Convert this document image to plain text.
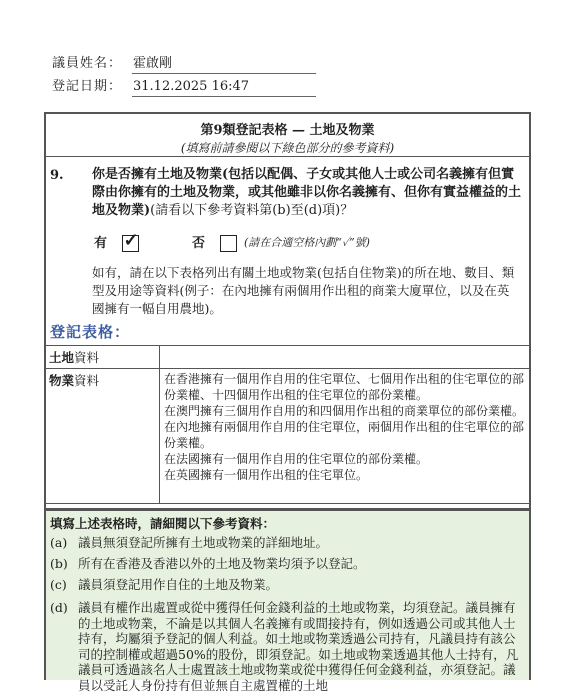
議員姓名： 霍啟剛
登記日期： 31.12.2025 16:47
第9類登記表格 — 土地及物業
(填寫前請參閱以下綠色部分的參考資料)
9. 你是否擁有土地及物業(包括以配偶、子女或其他人士或公司名義擁有但實際由你擁有的土地及物業，或其他雖非以你名義擁有、但你有實益權益的土地及物業)(請看以下參考資料第(b)至(d)項)？
有 ✓	否	(請在合適空格內劃“✓”號)
如有，請在以下表格列出有關土地或物業(包括自住物業)的所在地、數目、類型及用途等資料(例子：在內地擁有兩個用作出租的商業大廈單位，以及在英國擁有一幅自用農地)。
登記表格：
土地資料	
物業資料	在香港擁有一個用作自用的住宅單位、七個用作出租的住宅單位的部份業權、十四個用作出租的住宅單位的部份業權。
在澳門擁有三個用作自用的和四個用作出租的商業單位的部份業權。
在內地擁有兩個用作自用的住宅單位，兩個用作出租的住宅單位的部份業權。
在法國擁有一個用作自用的住宅單位的部份業權。
在英國擁有一個用作出租的住宅單位。
填寫上述表格時，請細閱以下參考資料：
(a) 議員無須登記所擁有土地或物業的詳細地址。
(b) 所有在香港及香港以外的土地及物業均須予以登記。
(c) 議員須登記用作自住的土地及物業。
(d) 議員有權作出處置或從中獲得任何金錢利益的土地或物業，均須登記。議員擁有的土地或物業，不論是以其個人名義擁有或間接持有，例如透過公司或其他人士持有，均屬須予登記的個人利益。如土地或物業透過公司持有，凡議員持有該公司的控制權或超過50%的股份，即須登記。如土地或物業透過其他人士持有，凡議員可透過該名人士處置該土地或物業或從中獲得任何金錢利益，亦須登記。議員以受託人身份持有但並無自主處置權的土地
